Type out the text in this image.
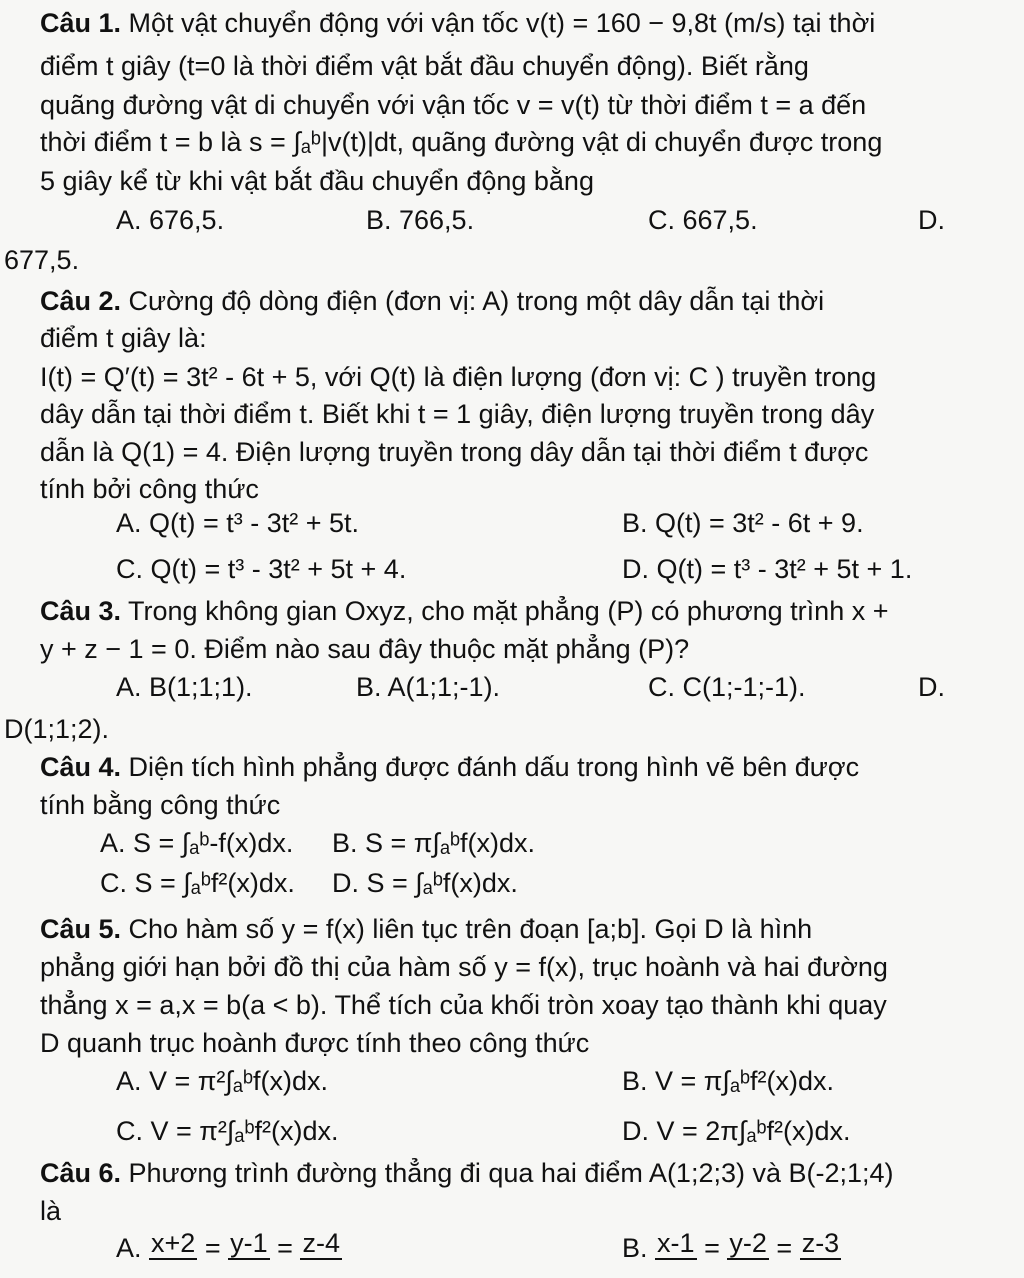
Câu 1. Một vật chuyển động với vận tốc v(t) = 160 − 9,8t (m/s) tại thời
điểm t giây (t=0 là thời điểm vật bắt đầu chuyển động). Biết rằng
quãng đường vật di chuyển với vận tốc v = v(t) từ thời điểm t = a đến
thời điểm t = b là s = ∫ₐᵇ|v(t)|dt, quãng đường vật di chuyển được trong
5 giây kể từ khi vật bắt đầu chuyển động bằng
A. 676,5.	B. 766,5.	C. 667,5.	D.
677,5.
Câu 2. Cường độ dòng điện (đơn vị: A) trong một dây dẫn tại thời
điểm t giây là:
I(t) = Q′(t) = 3t² - 6t + 5, với Q(t) là điện lượng (đơn vị: C ) truyền trong
dây dẫn tại thời điểm t. Biết khi t = 1 giây, điện lượng truyền trong dây
dẫn là Q(1) = 4. Điện lượng truyền trong dây dẫn tại thời điểm t được
tính bởi công thức
A. Q(t) = t³ - 3t² + 5t.	B. Q(t) = 3t² - 6t + 9.
C. Q(t) = t³ - 3t² + 5t + 4.	D. Q(t) = t³ - 3t² + 5t + 1.
Câu 3. Trong không gian Oxyz, cho mặt phẳng (P) có phương trình x +
y + z − 1 = 0. Điểm nào sau đây thuộc mặt phẳng (P)?
A. B(1;1;1).	B. A(1;1;-1).	C. C(1;-1;-1).	D.
D(1;1;2).
Câu 4. Diện tích hình phẳng được đánh dấu trong hình vẽ bên được
tính bằng công thức
A. S = ∫ₐᵇ-f(x)dx. B. S = π∫ₐᵇf(x)dx.
C. S = ∫ₐᵇf²(x)dx. D. S = ∫ₐᵇf(x)dx.
Câu 5. Cho hàm số y = f(x) liên tục trên đoạn [a;b]. Gọi D là hình
phẳng giới hạn bởi đồ thị của hàm số y = f(x), trục hoành và hai đường
thẳng x = a,x = b(a < b). Thể tích của khối tròn xoay tạo thành khi quay
D quanh trục hoành được tính theo công thức
A. V = π²∫ₐᵇf(x)dx.	B. V = π∫ₐᵇf²(x)dx.
C. V = π²∫ₐᵇf²(x)dx.	D. V = 2π∫ₐᵇf²(x)dx.
Câu 6. Phương trình đường thẳng đi qua hai điểm A(1;2;3) và B(-2;1;4)
là
A. x+2 = y-1 = z-4	B. x-1 = y-2 = z-3
